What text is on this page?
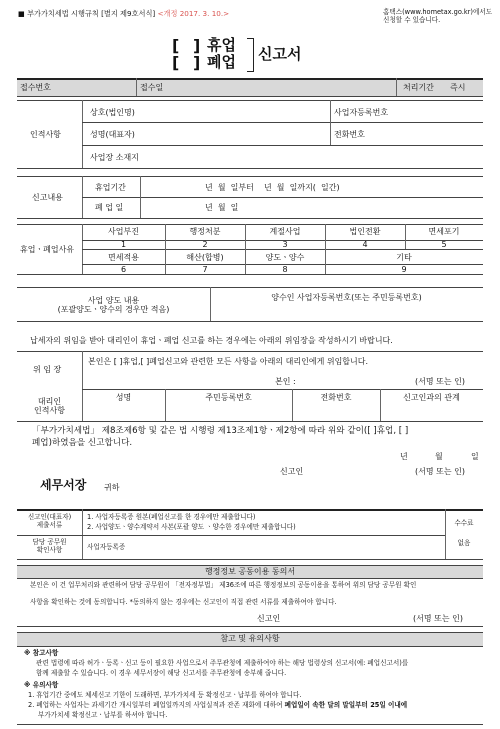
■ 부가가치세법 시행규칙 [별지 제9호서식] <개정 2017. 3. 10.>	홈택스(www.hometax.go.kr)에서도
신청할 수 있습니다.
[ ] 휴업
[ ] 폐업 신고서
접수번호	접수일	처리기간 즉시
인적사항
상호(법인명)	사업자등록번호
성명(대표자)	전화번호
사업장 소재지
신고내용
휴업기간	년  월  일부터    년  월  일까지(  일간)
폐 업 일	년  월  일
휴업ㆍ폐업사유
사업부진	행정처분	계절사업	법인전환	면세포기
1	2	3	4	5
면세적용	해산(합병)	양도ㆍ양수	기타
6	7	8	9
사업 양도 내용
(포괄양도ㆍ양수의 경우만 적음)
양수인 사업자등록번호(또는 주민등록번호)
납세자의 위임을 받아 대리인이 휴업ㆍ폐업 신고를 하는 경우에는 아래의 위임장을 작성하시기 바랍니다.
위 임 장
본인은 [ ]휴업,[ ]폐업신고와 관련한 모든 사항을 아래의 대리인에게 위임합니다.
본인 :	(서명 또는 인)
대리인
인적사항
성명	주민등록번호	전화번호	신고인과의 관계
「부가가치세법」 제8조제6항 및 같은 법 시행령 제13조제1항ㆍ제2항에 따라 위와 같이([ ]휴업, [ ]
폐업)하였음을 신고합니다.
년	월	일
신고인	(서명 또는 인)
세무서장 귀하
신고인(대표자)
제출서류
1. 사업자등록증 원본(폐업신고를 한 경우에만 제출합니다)
2. 사업양도ㆍ양수계약서 사본(포괄 양도 ㆍ양수한 경우에만 제출합니다)
담당 공무원
확인사항	사업자등록증
수수료
없음
행정정보 공동이용 동의서
본인은 이 건 업무처리와 관련하여 담당 공무원이 「전자정부법」 제36조에 따른 행정정보의 공동이용을 통하여 위의 담당 공무원 확인
사항을 확인하는 것에 동의합니다. *동의하지 않는 경우에는 신고인이 직접 관련 서류를 제출하여야 합니다.
신고인	(서명 또는 인)
참고 및 유의사항
※ 참고사항
관련 법령에 따라 허가ㆍ등록ㆍ신고 등이 필요한 사업으로서 주무관청에 제출하여야 하는 해당 법령상의 신고서(예: 폐업신고서)를
함께 제출할 수 있습니다. 이 경우 세무서장이 해당 신고서를 주무관청에 송부해 줍니다.
※ 유의사항
1. 휴업기간 중에도 체세신고 기한이 도래하면, 부가가치세 등 확정신고ㆍ납부를 하여야 합니다.
2. 폐업하는 사업자는 과세기간 개시일부터 폐업일까지의 사업실적과 잔존 재화에 대하여 폐업일이 속한 달의 말일부터 25일 이내에
부가가치세 확정신고ㆍ납부를 하셔야 합니다.
